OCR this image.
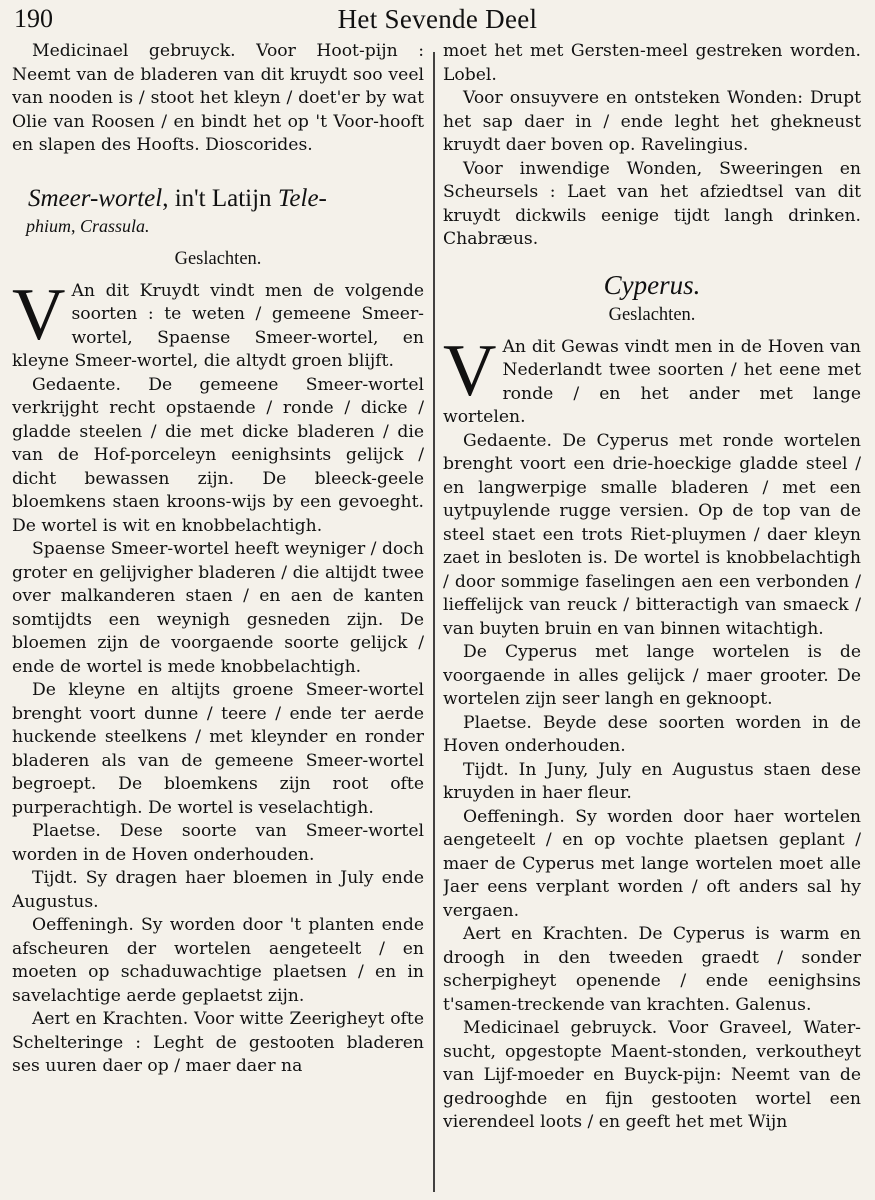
190	Het Sevende Deel

Medicinael gebruyck. Voor Hoot-pijn : Neemt van de bladeren van dit kruydt soo veel van nooden is / stoot het kleyn / doet'er by wat Olie van Roosen / en bindt het op 't Voor-hooft en slapen des Hoofts. Dioscorides.

Smeer-wortel, in't Latijn Tele-
phium, Crassula.
Geslachten.

V An dit Kruydt vindt men de volgende soorten : te weten / gemeene Smeer-wortel, Spaense Smeer-wortel, en kleyne Smeer-wortel, die altydt groen blijft.

Gedaente. De gemeene Smeer-wortel verkrijght recht opstaende / ronde / dicke / gladde steelen / die met dicke bladeren / die van de Hof-porceleyn eenighsints gelijck / dicht bewassen zijn. De bleeck-geele bloemkens staen kroons-wijs by een gevoeght. De wortel is wit en knobbelachtigh.

Spaense Smeer-wortel heeft weyniger / doch groter en gelijvigher bladeren / die altijdt twee over malkanderen staen / en aen de kanten somtijdts een weynigh gesneden zijn. De bloemen zijn de voorgaende soorte gelijck / ende de wortel is mede knobbelachtigh.

De kleyne en altijts groene Smeer-wortel brenght voort dunne / teere / ende ter aerde huckende steelkens / met kleynder en ronder bladeren als van de gemeene Smeer-wortel begroept. De bloemkens zijn root ofte purperachtigh. De wortel is veselachtigh.

Plaetse. Dese soorte van Smeer-wortel worden in de Hoven onderhouden.

Tijdt. Sy dragen haer bloemen in July ende Augustus.

Oeffeningh. Sy worden door 't planten ende afscheuren der wortelen aengeteelt / en moeten op schaduwachtige plaetsen / en in savelachtige aerde geplaetst zijn.

Aert en Krachten. Voor witte Zeerigheyt ofte Schelteringe : Leght de gestooten bladeren ses uuren daer op / maer daer na

moet het met Gersten-meel gestreken worden. Lobel.

Voor onsuyvere en ontsteken Wonden: Drupt het sap daer in / ende leght het ghekneust kruydt daer boven op. Ravelingius.

Voor inwendige Wonden, Sweeringen en Scheursels : Laet van het afziedtsel van dit kruydt dickwils eenige tijdt langh drinken. Chabræus.

Cyperus.
Geslachten.

V An dit Gewas vindt men in de Hoven van Nederlandt twee soorten / het eene met ronde / en het ander met lange wortelen.

Gedaente. De Cyperus met ronde wortelen brenght voort een drie-hoeckige gladde steel / en langwerpige smalle bladeren / met een uytpuylende rugge versien. Op de top van de steel staet een trots Riet-pluymen / daer kleyn zaet in besloten is. De wortel is knobbelachtigh / door sommige faselingen aen een verbonden / lieffelijck van reuck / bitteractigh van smaeck / van buyten bruin en van binnen witachtigh.

De Cyperus met lange wortelen is de voorgaende in alles gelijck / maer grooter. De wortelen zijn seer langh en geknoopt.

Plaetse. Beyde dese soorten worden in de Hoven onderhouden.

Tijdt. In Juny, July en Augustus staen dese kruyden in haer fleur.

Oeffeningh. Sy worden door haer wortelen aengeteelt / en op vochte plaetsen geplant / maer de Cyperus met lange wortelen moet alle Jaer eens verplant worden / oft anders sal hy vergaen.

Aert en Krachten. De Cyperus is warm en droogh in den tweeden graedt / sonder scherpigheyt openende / ende eenighsins t'samen-treckende van krachten. Galenus.

Medicinael gebruyck. Voor Graveel, Water-sucht, opgestopte Maent-stonden, verkoutheyt van Lijf-moeder en Buyck-pijn: Neemt van de gedrooghde en fijn gestooten wortel een vierendeel loots / en geeft het met Wijn
